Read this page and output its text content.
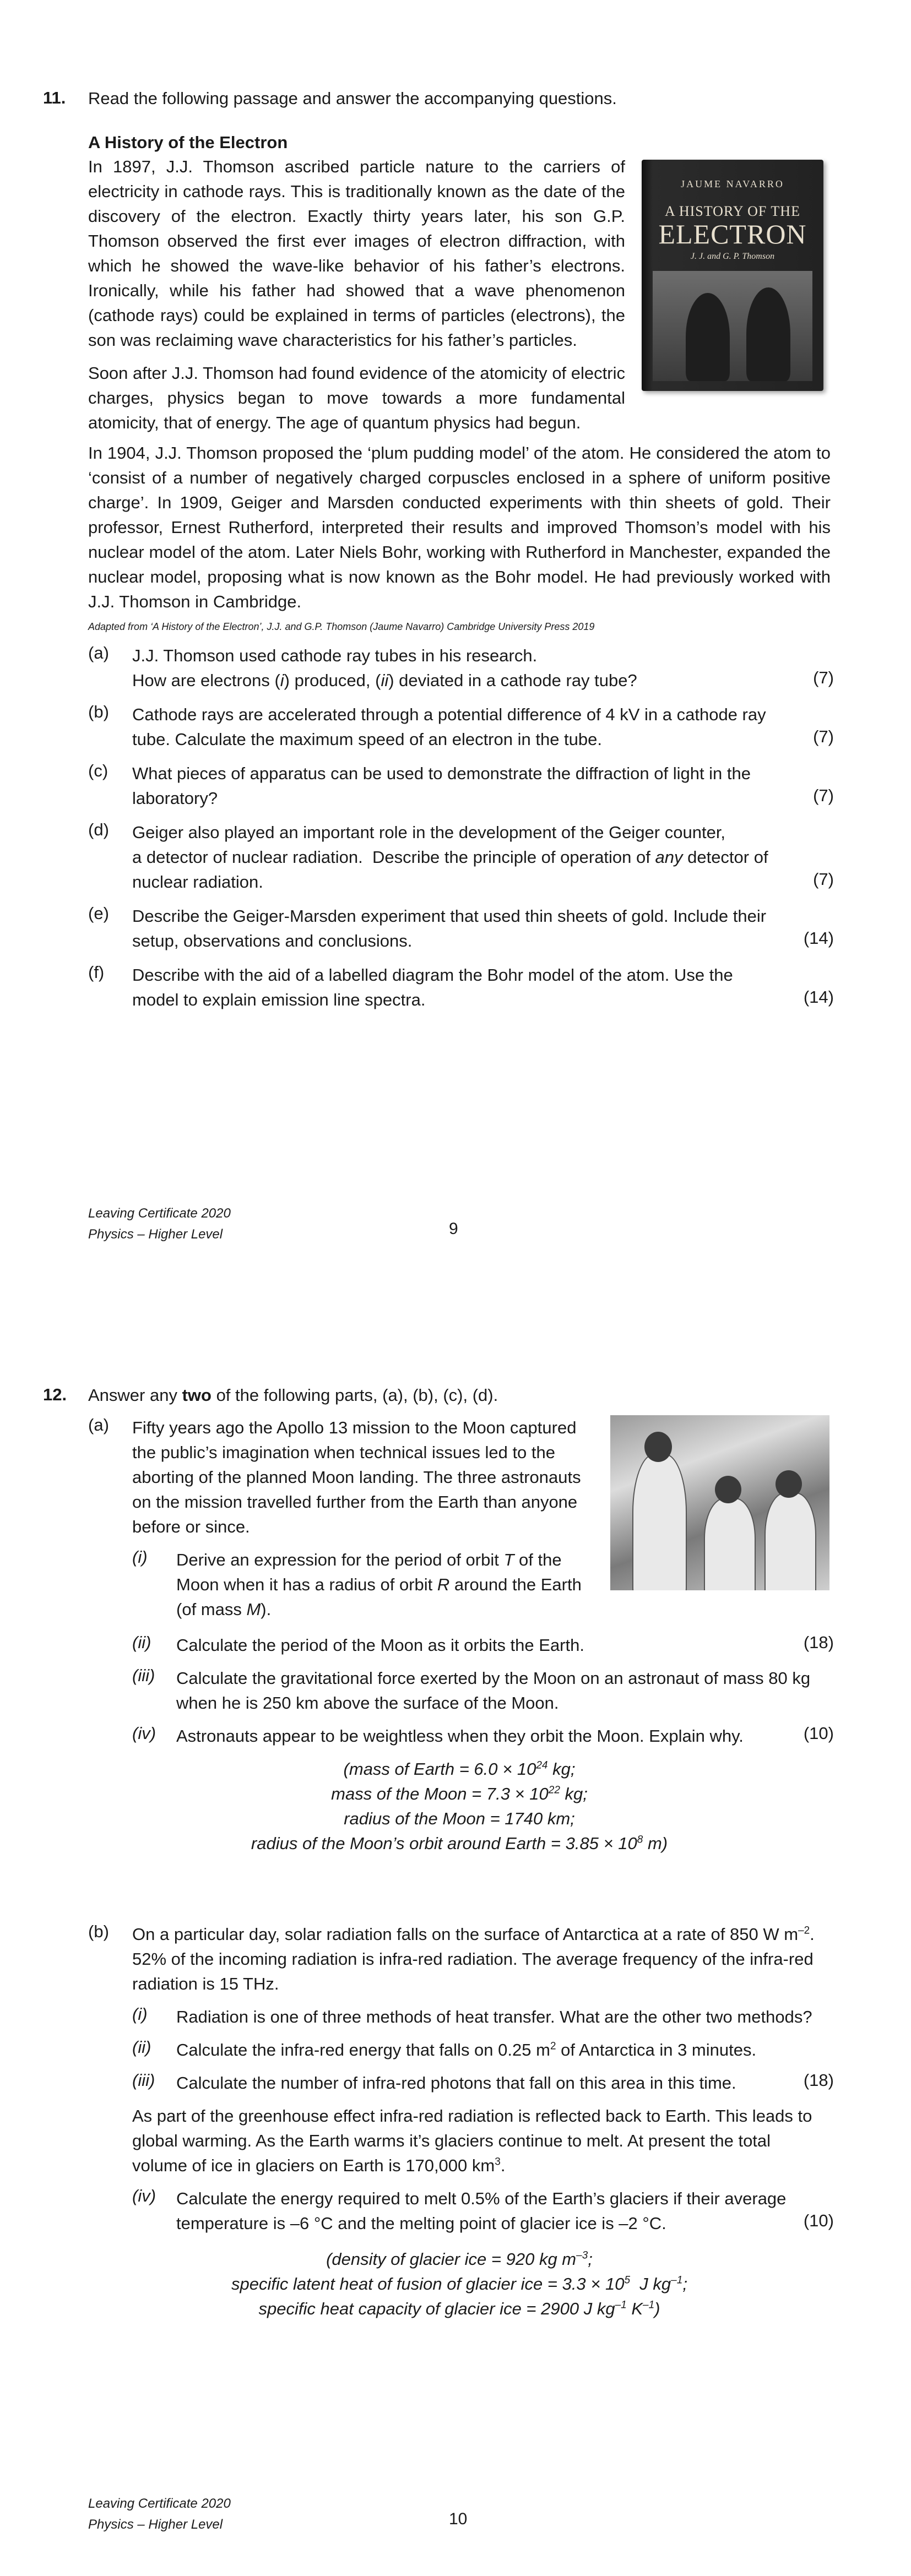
11. Read the following passage and answer the accompanying questions.
A History of the Electron
In 1897, J.J. Thomson ascribed particle nature to the carriers of electricity in cathode rays. This is traditionally known as the date of the discovery of the electron. Exactly thirty years later, his son G.P. Thomson observed the first ever images of electron diffraction, with which he showed the wave-like behavior of his father’s electrons. Ironically, while his father had showed that a wave phenomenon (cathode rays) could be explained in terms of particles (electrons), the son was reclaiming wave characteristics for his father’s particles.
Soon after J.J. Thomson had found evidence of the atomicity of electric charges, physics began to move towards a more fundamental atomicity, that of energy. The age of quantum physics had begun.
In 1904, J.J. Thomson proposed the ‘plum pudding model’ of the atom. He considered the atom to ‘consist of a number of negatively charged corpuscles enclosed in a sphere of uniform positive charge’. In 1909, Geiger and Marsden conducted experiments with thin sheets of gold. Their professor, Ernest Rutherford, interpreted their results and improved Thomson’s model with his nuclear model of the atom. Later Niels Bohr, working with Rutherford in Manchester, expanded the nuclear model, proposing what is now known as the Bohr model. He had previously worked with J.J. Thomson in Cambridge.
Adapted from ‘A History of the Electron’, J.J. and G.P. Thomson (Jaume Navarro) Cambridge University Press 2019
JAUME NAVARRO
A HISTORY OF THE
ELECTRON
J. J. and G. P. Thomson
(a) J.J. Thomson used cathode ray tubes in his research.
How are electrons (i) produced, (ii) deviated in a cathode ray tube?	(7)
(b) Cathode rays are accelerated through a potential difference of 4 kV in a cathode ray
tube. Calculate the maximum speed of an electron in the tube.	(7)
(c) What pieces of apparatus can be used to demonstrate the diffraction of light in the
laboratory?	(7)
(d) Geiger also played an important role in the development of the Geiger counter,
a detector of nuclear radiation.  Describe the principle of operation of any detector of
nuclear radiation.	(7)
(e) Describe the Geiger-Marsden experiment that used thin sheets of gold. Include their
setup, observations and conclusions.	(14)
(f) Describe with the aid of a labelled diagram the Bohr model of the atom. Use the
model to explain emission line spectra.	(14)
Leaving Certificate 2020
Physics – Higher Level	9
12. Answer any two of the following parts, (a), (b), (c), (d).
(a) Fifty years ago the Apollo 13 mission to the Moon captured
the public’s imagination when technical issues led to the
aborting of the planned Moon landing. The three astronauts
on the mission travelled further from the Earth than anyone
before or since.
(i) Derive an expression for the period of orbit T of the
Moon when it has a radius of orbit R around the Earth
(of mass M).
(ii) Calculate the period of the Moon as it orbits the Earth.	(18)
(iii) Calculate the gravitational force exerted by the Moon on an astronaut of mass 80 kg
when he is 250 km above the surface of the Moon.
(iv) Astronauts appear to be weightless when they orbit the Moon. Explain why.	(10)
(mass of Earth = $6.0 \times 10^{24}$ kg;
mass of the Moon = $7.3 \times 10^{22}$ kg;
radius of the Moon = 1740 km;
radius of the Moon’s orbit around Earth = $3.85 \times 10^8$ m)
(b) On a particular day, solar radiation falls on the surface of Antarctica at a rate of 850 W $m^{-2}$.
52% of the incoming radiation is infra-red radiation. The average frequency of the infra-red
radiation is 15 THz.
(i) Radiation is one of three methods of heat transfer. What are the other two methods?
(ii) Calculate the infra-red energy that falls on 0.25 $m^2$ of Antarctica in 3 minutes.
(iii) Calculate the number of infra-red photons that fall on this area in this time.	(18)
As part of the greenhouse effect infra-red radiation is reflected back to Earth. This leads to
global warming. As the Earth warms it’s glaciers continue to melt. At present the total
volume of ice in glaciers on Earth is 170,000 $km^3$.
(iv) Calculate the energy required to melt 0.5% of the Earth’s glaciers if their average
temperature is –6 °C and the melting point of glacier ice is –2 °C.	(10)
(density of glacier ice = 920 kg $m^{-3}$;
specific latent heat of fusion of glacier ice = $3.3 \times 10^5$  J $kg^{-1}$;
specific heat capacity of glacier ice = 2900 J $kg^{-1}$ $K^{-1}$)
Leaving Certificate 2020
Physics – Higher Level	10
